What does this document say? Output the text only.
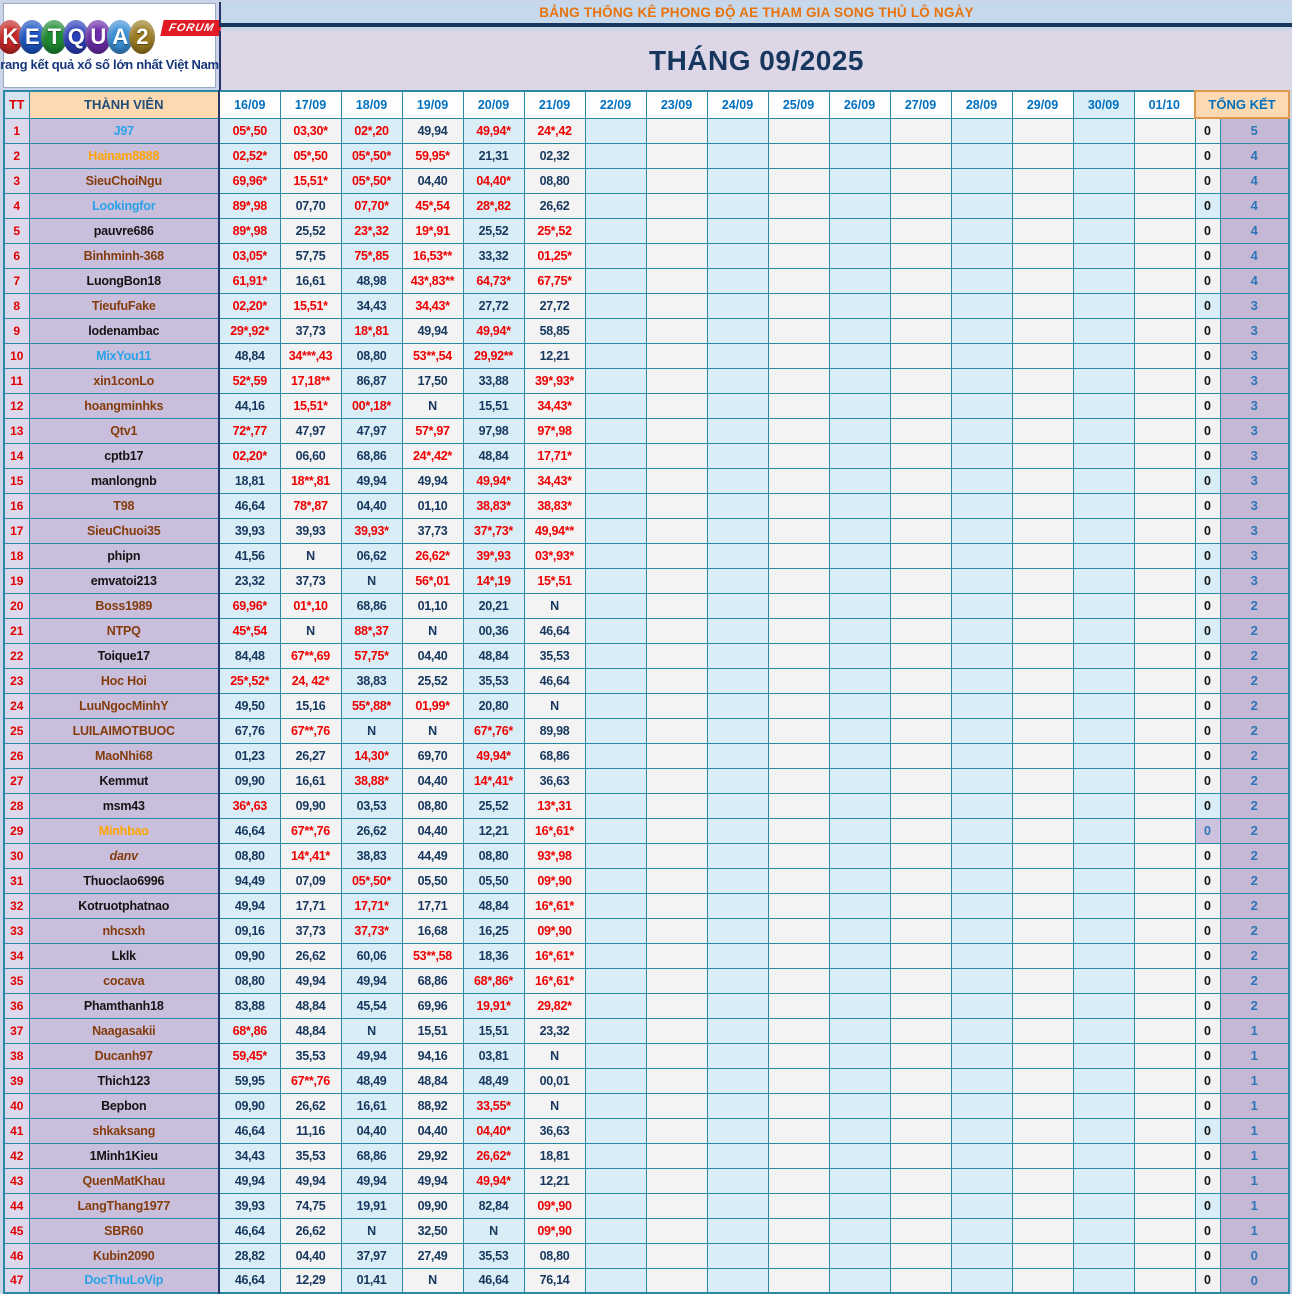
K E T Q U A 2	FORUM
rang kết quả xổ số lớn nhất Việt Nam
BẢNG THỐNG KÊ PHONG ĐỘ AE THAM GIA SONG THỦ LÔ NGÀY
THÁNG 09/2025
TT	THÀNH VIÊN	16/09	17/09	18/09	19/09	20/09	21/09	22/09	23/09	24/09	25/09	26/09	27/09	28/09	29/09	30/09	01/10	TỔNG KẾT	
1	J97	05*,50	03,30*	02*,20	49,94	49,94*	24*,42											0	5
2	Hainam8888	02,52*	05*,50	05*,50*	59,95*	21,31	02,32											0	4
3	SieuChoiNgu	69,96*	15,51*	05*,50*	04,40	04,40*	08,80											0	4
4	Lookingfor	89*,98	07,70	07,70*	45*,54	28*,82	26,62											0	4
5	pauvre686	89*,98	25,52	23*,32	19*,91	25,52	25*,52											0	4
6	Binhminh-368	03,05*	57,75	75*,85	16,53**	33,32	01,25*											0	4
7	LuongBon18	61,91*	16,61	48,98	43*,83**	64,73*	67,75*											0	4
8	TieufuFake	02,20*	15,51*	34,43	34,43*	27,72	27,72											0	3
9	lodenambac	29*,92*	37,73	18*,81	49,94	49,94*	58,85											0	3
10	MixYou11	48,84	34***,43	08,80	53**,54	29,92**	12,21											0	3
11	xin1conLo	52*,59	17,18**	86,87	17,50	33,88	39*,93*											0	3
12	hoangminhks	44,16	15,51*	00*,18*	N	15,51	34,43*											0	3
13	Qtv1	72*,77	47,97	47,97	57*,97	97,98	97*,98											0	3
14	cptb17	02,20*	06,60	68,86	24*,42*	48,84	17,71*											0	3
15	manlongnb	18,81	18**,81	49,94	49,94	49,94*	34,43*											0	3
16	T98	46,64	78*,87	04,40	01,10	38,83*	38,83*											0	3
17	SieuChuoi35	39,93	39,93	39,93*	37,73	37*,73*	49,94**											0	3
18	phipn	41,56	N	06,62	26,62*	39*,93	03*,93*											0	3
19	emvatoi213	23,32	37,73	N	56*,01	14*,19	15*,51											0	3
20	Boss1989	69,96*	01*,10	68,86	01,10	20,21	N											0	2
21	NTPQ	45*,54	N	88*,37	N	00,36	46,64											0	2
22	Toique17	84,48	67**,69	57,75*	04,40	48,84	35,53											0	2
23	Hoc Hoi	25*,52*	24, 42*	38,83	25,52	35,53	46,64											0	2
24	LuuNgocMinhY	49,50	15,16	55*,88*	01,99*	20,80	N											0	2
25	LUILAIMOTBUOC	67,76	67**,76	N	N	67*,76*	89,98											0	2
26	MaoNhi68	01,23	26,27	14,30*	69,70	49,94*	68,86											0	2
27	Kemmut	09,90	16,61	38,88*	04,40	14*,41*	36,63											0	2
28	msm43	36*,63	09,90	03,53	08,80	25,52	13*,31											0	2
29	Minhbao	46,64	67**,76	26,62	04,40	12,21	16*,61*											0	2
30	danv	08,80	14*,41*	38,83	44,49	08,80	93*,98											0	2
31	Thuoclao6996	94,49	07,09	05*,50*	05,50	05,50	09*,90											0	2
32	Kotruotphatnao	49,94	17,71	17,71*	17,71	48,84	16*,61*											0	2
33	nhcsxh	09,16	37,73	37,73*	16,68	16,25	09*,90											0	2
34	Lklk	09,90	26,62	60,06	53**,58	18,36	16*,61*											0	2
35	cocava	08,80	49,94	49,94	68,86	68*,86*	16*,61*											0	2
36	Phamthanh18	83,88	48,84	45,54	69,96	19,91*	29,82*											0	2
37	Naagasakii	68*,86	48,84	N	15,51	15,51	23,32											0	1
38	Ducanh97	59,45*	35,53	49,94	94,16	03,81	N											0	1
39	Thich123	59,95	67**,76	48,49	48,84	48,49	00,01											0	1
40	Bepbon	09,90	26,62	16,61	88,92	33,55*	N											0	1
41	shkaksang	46,64	11,16	04,40	04,40	04,40*	36,63											0	1
42	1Minh1Kieu	34,43	35,53	68,86	29,92	26,62*	18,81											0	1
43	QuenMatKhau	49,94	49,94	49,94	49,94	49,94*	12,21											0	1
44	LangThang1977	39,93	74,75	19,91	09,90	82,84	09*,90											0	1
45	SBR60	46,64	26,62	N	32,50	N	09*,90											0	1
46	Kubin2090	28,82	04,40	37,97	27,49	35,53	08,80											0	0
47	DocThuLoVip	46,64	12,29	01,41	N	46,64	76,14											0	0
